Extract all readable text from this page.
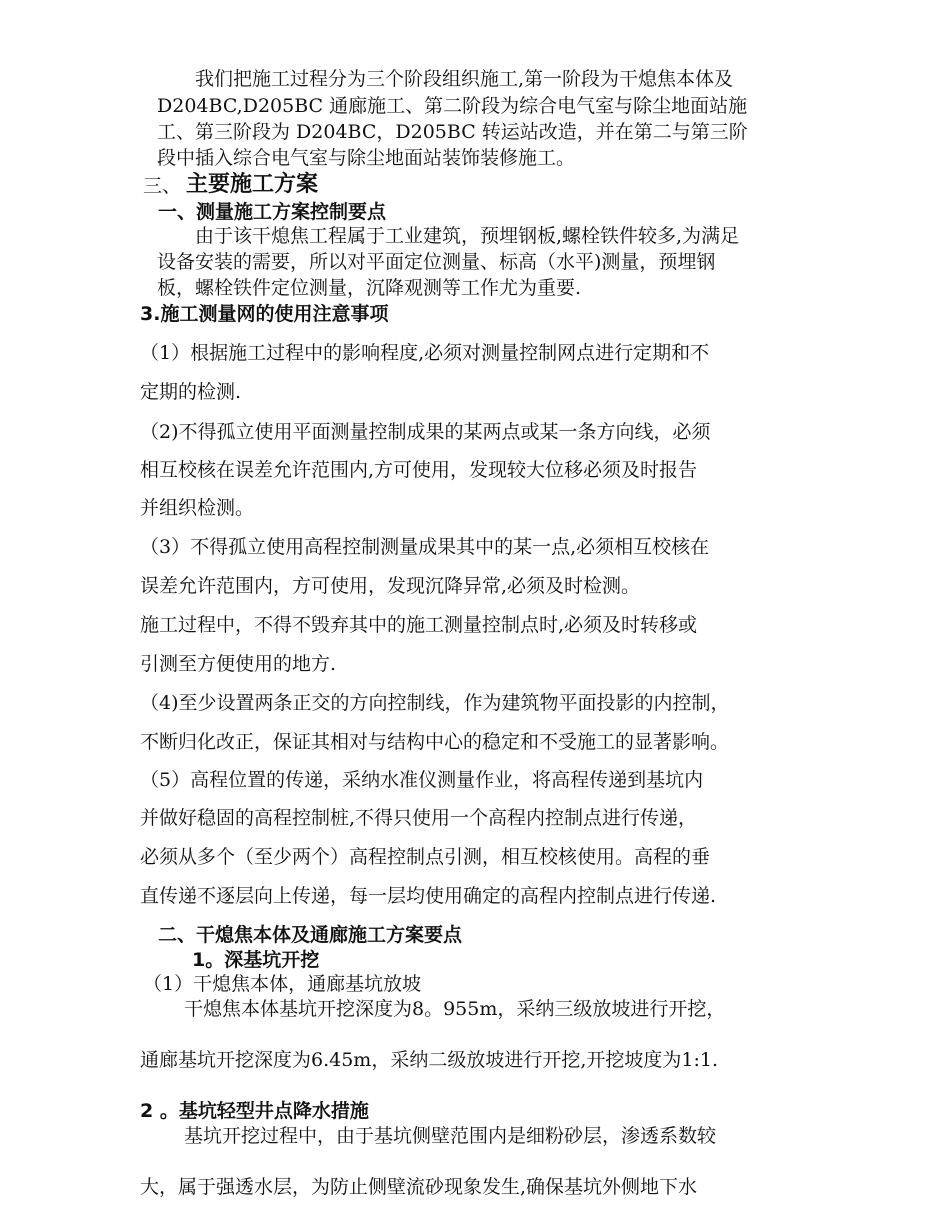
我们把施工过程分为三个阶段组织施工,第一阶段为干熄焦本体及
D204BC,D205BC 通廊施工、第二阶段为综合电气室与除尘地面站施
工、第三阶段为 D204BC，D205BC 转运站改造，并在第二与第三阶
段中插入综合电气室与除尘地面站装饰装修施工。
三、 主要施工方案
一、测量施工方案控制要点
由于该干熄焦工程属于工业建筑，预埋钢板,螺栓铁件较多,为满足
设备安装的需要，所以对平面定位测量、标高（水平)测量，预埋钢
板，螺栓铁件定位测量，沉降观测等工作尤为重要.
3.施工测量网的使用注意事项
（1）根据施工过程中的影响程度,必须对测量控制网点进行定期和不
定期的检测.
（2)不得孤立使用平面测量控制成果的某两点或某一条方向线，必须
相互校核在误差允许范围内,方可使用，发现较大位移必须及时报告
并组织检测。
（3）不得孤立使用高程控制测量成果其中的某一点,必须相互校核在
误差允许范围内，方可使用，发现沉降异常,必须及时检测。
施工过程中，不得不毁弃其中的施工测量控制点时,必须及时转移或
引测至方便使用的地方.
（4)至少设置两条正交的方向控制线，作为建筑物平面投影的内控制，
不断归化改正，保证其相对与结构中心的稳定和不受施工的显著影响。
（5）高程位置的传递，采纳水准仪测量作业，将高程传递到基坑内
并做好稳固的高程控制桩,不得只使用一个高程内控制点进行传递，
必须从多个（至少两个）高程控制点引测，相互校核使用。高程的垂
直传递不逐层向上传递，每一层均使用确定的高程内控制点进行传递.
二、干熄焦本体及通廊施工方案要点
1。深基坑开挖
（1）干熄焦本体，通廊基坑放坡
干熄焦本体基坑开挖深度为8。955m，采纳三级放坡进行开挖，
通廊基坑开挖深度为6.45m，采纳二级放坡进行开挖,开挖坡度为1:1.
2 。基坑轻型井点降水措施
基坑开挖过程中，由于基坑侧壁范围内是细粉砂层，渗透系数较
大，属于强透水层，为防止侧壁流砂现象发生,确保基坑外侧地下水
